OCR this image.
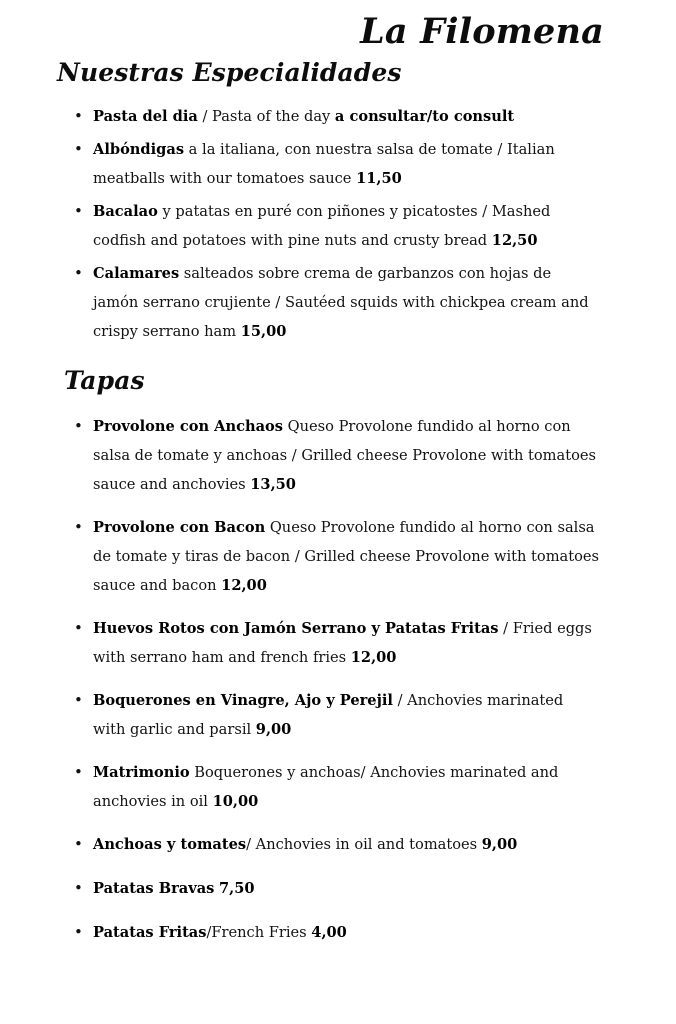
La Filomena
Nuestras Especialidades
• Pasta del dia / Pasta of the day a consultar/to consult
• Albóndigas a la italiana, con nuestra salsa de tomate / Italian meatballs with our tomatoes sauce 11,50
• Bacalao y patatas en puré con piñones y picatostes / Mashed codfish and potatoes with pine nuts and crusty bread 12,50
• Calamares salteados sobre crema de garbanzos con hojas de jamón serrano crujiente / Sautéed squids with chickpea cream and crispy serrano ham 15,00
Tapas
• Provolone con Anchaos Queso Provolone fundido al horno con salsa de tomate y anchoas / Grilled cheese Provolone with tomatoes sauce and anchovies 13,50
• Provolone con Bacon Queso Provolone fundido al horno con salsa de tomate y tiras de bacon / Grilled cheese Provolone with tomatoes sauce and bacon 12,00
• Huevos Rotos con Jamón Serrano y Patatas Fritas / Fried eggs with serrano ham and french fries 12,00
• Boquerones en Vinagre, Ajo y Perejil / Anchovies marinated with garlic and parsil 9,00
• Matrimonio Boquerones y anchoas/ Anchovies marinated and anchovies in oil 10,00
• Anchoas y tomates/ Anchovies in oil and tomatoes 9,00
• Patatas Bravas 7,50
• Patatas Fritas/French Fries 4,00
